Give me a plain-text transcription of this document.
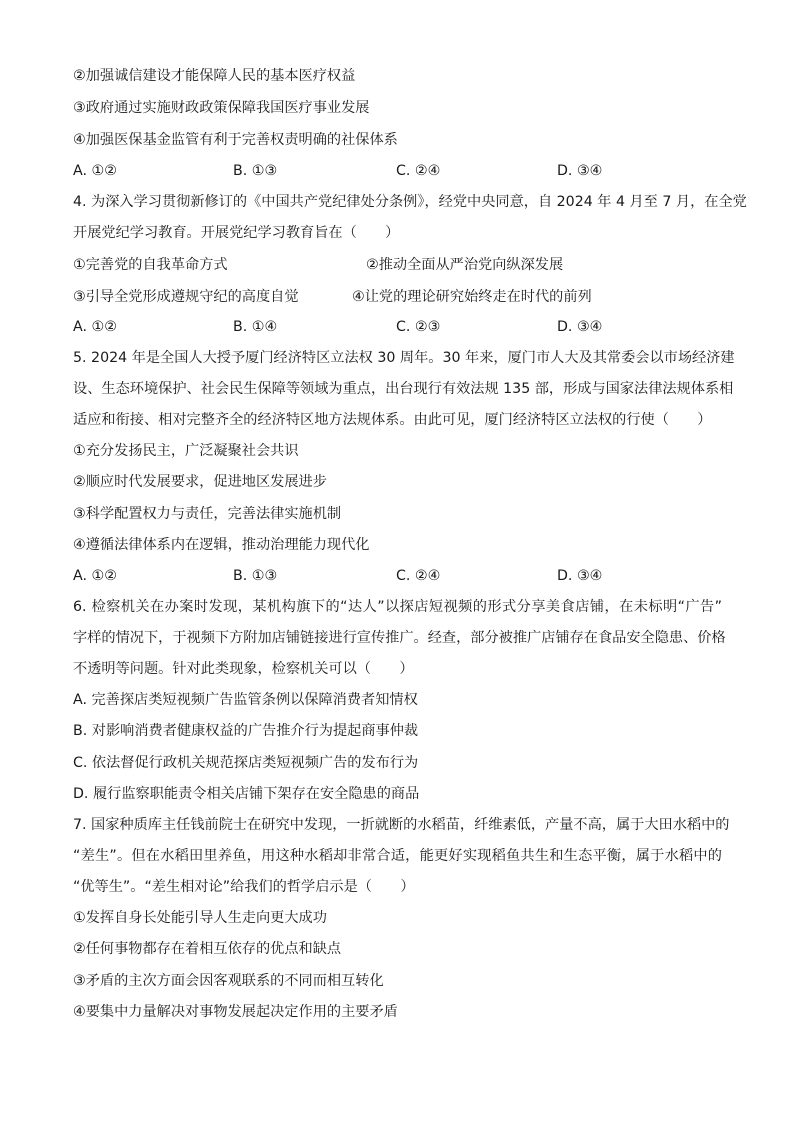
②加强诚信建设才能保障人民的基本医疗权益
③政府通过实施财政政策保障我国医疗事业发展
④加强医保基金监管有利于完善权责明确的社保体系
A. ①②	B. ①③	C. ②④	D. ③④
4. 为深入学习贯彻新修订的《中国共产党纪律处分条例》，经党中央同意，自 2024 年 4 月至 7 月，在全党
开展党纪学习教育。开展党纪学习教育旨在（　　）
①完善党的自我革命方式	②推动全面从严治党向纵深发展
③引导全党形成遵规守纪的高度自觉	④让党的理论研究始终走在时代的前列
A. ①②	B. ①④	C. ②③	D. ③④
5. 2024 年是全国人大授予厦门经济特区立法权 30 周年。30 年来，厦门市人大及其常委会以市场经济建
设、生态环境保护、社会民生保障等领域为重点，出台现行有效法规 135 部，形成与国家法律法规体系相
适应和衔接、相对完整齐全的经济特区地方法规体系。由此可见，厦门经济特区立法权的行使（　　）
①充分发扬民主，广泛凝聚社会共识
②顺应时代发展要求，促进地区发展进步
③科学配置权力与责任，完善法律实施机制
④遵循法律体系内在逻辑，推动治理能力现代化
A. ①②	B. ①③	C. ②④	D. ③④
6. 检察机关在办案时发现，某机构旗下的“达人”以探店短视频的形式分享美食店铺，在未标明“广告”
字样的情况下，于视频下方附加店铺链接进行宣传推广。经查，部分被推广店铺存在食品安全隐患、价格
不透明等问题。针对此类现象，检察机关可以（　　）
A. 完善探店类短视频广告监管条例以保障消费者知情权
B. 对影响消费者健康权益的广告推介行为提起商事仲裁
C. 依法督促行政机关规范探店类短视频广告的发布行为
D. 履行监察职能责令相关店铺下架存在安全隐患的商品
7. 国家种质库主任钱前院士在研究中发现，一折就断的水稻苗，纤维素低，产量不高，属于大田水稻中的
“差生”。但在水稻田里养鱼，用这种水稻却非常合适，能更好实现稻鱼共生和生态平衡，属于水稻中的
“优等生”。“差生相对论”给我们的哲学启示是（　　）
①发挥自身长处能引导人生走向更大成功
②任何事物都存在着相互依存的优点和缺点
③矛盾的主次方面会因客观联系的不同而相互转化
④要集中力量解决对事物发展起决定作用的主要矛盾
